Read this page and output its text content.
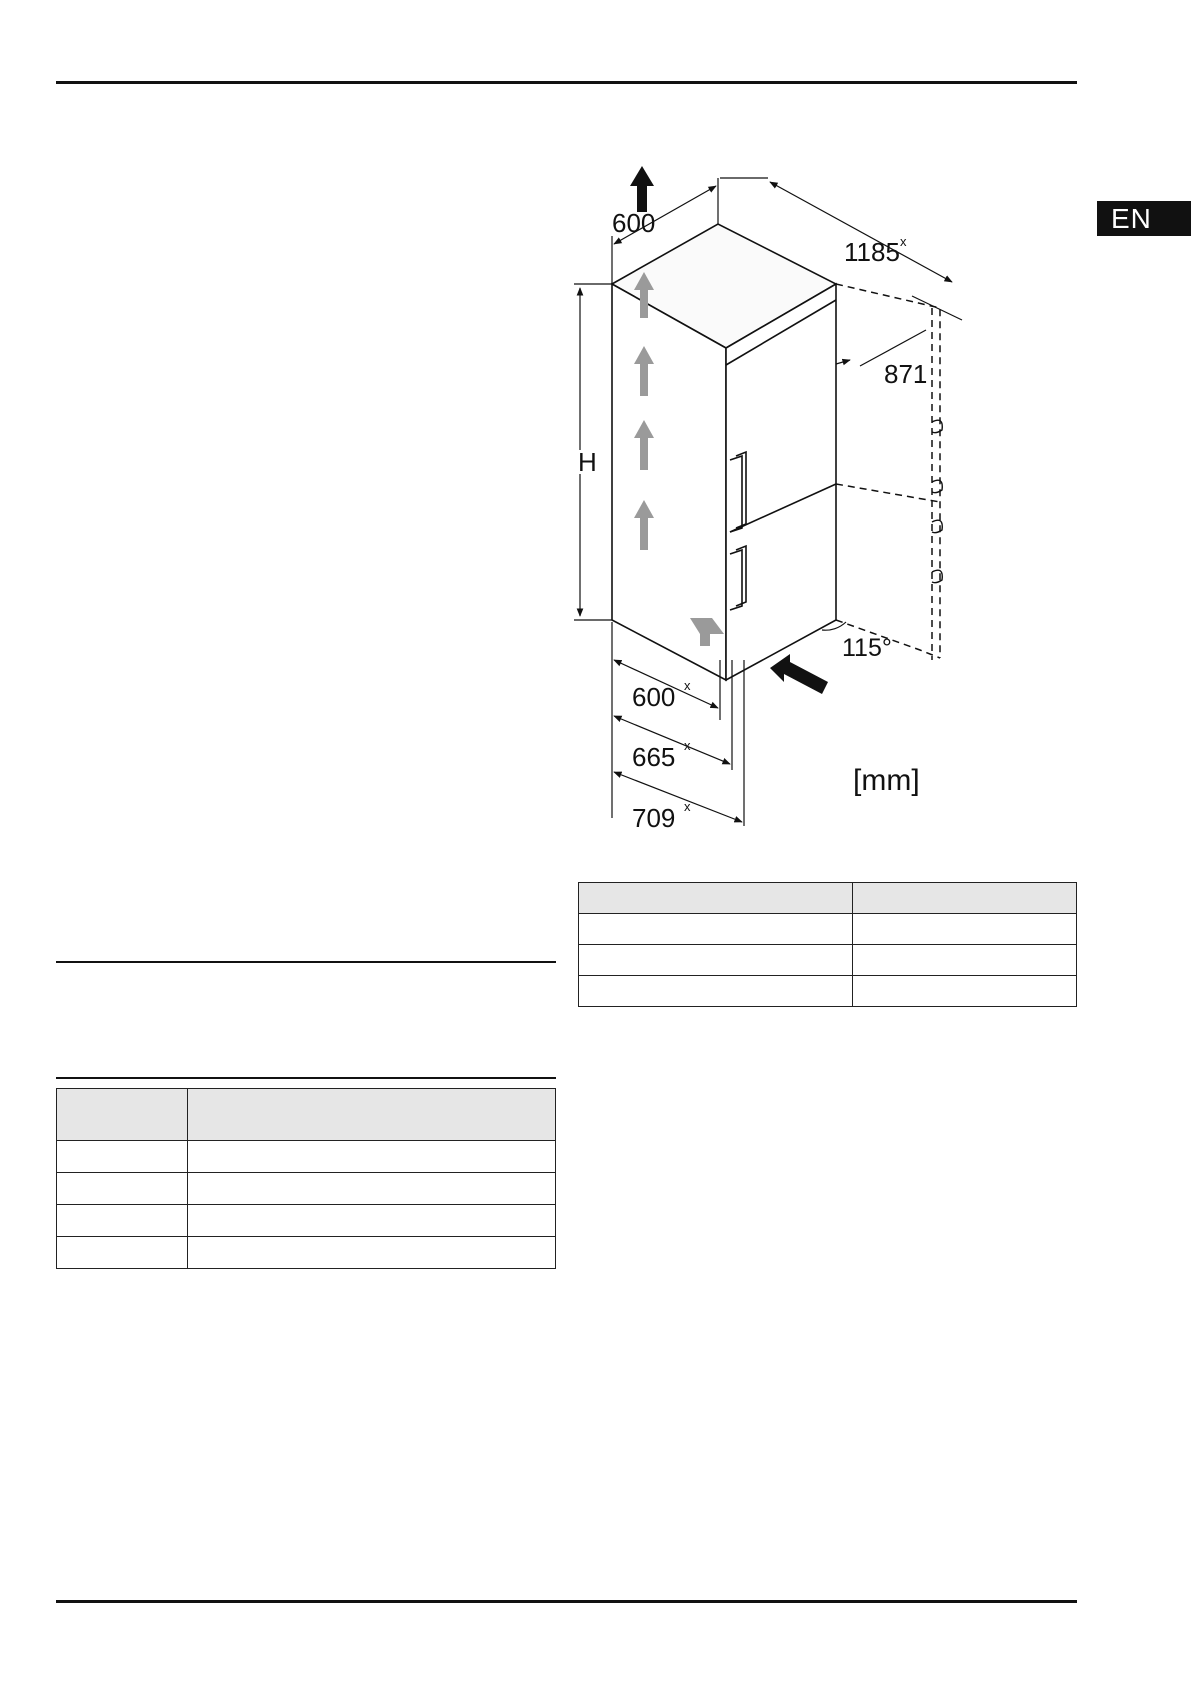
EN
600
1185 x
871
H
115°
600 x
665 x
709 x
[mm]
